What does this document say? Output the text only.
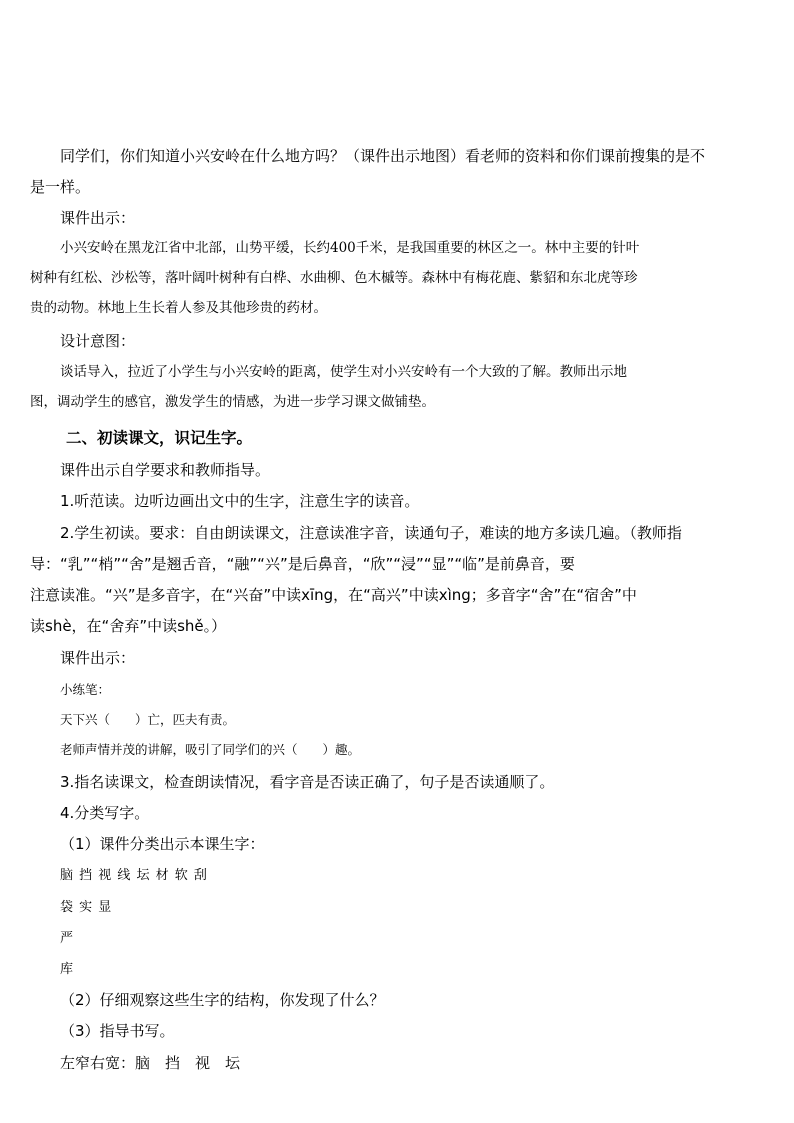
同学们，你们知道小兴安岭在什么地方吗？（课件出示地图）看老师的资料和你们课前搜集的是不
是一样。
课件出示：
小兴安岭在黑龙江省中北部，山势平缓，长约400千米，是我国重要的林区之一。林中主要的针叶
树种有红松、沙松等，落叶阔叶树种有白桦、水曲柳、色木槭等。森林中有梅花鹿、紫貂和东北虎等珍
贵的动物。林地上生长着人参及其他珍贵的药材。
设计意图：
谈话导入，拉近了小学生与小兴安岭的距离，使学生对小兴安岭有一个大致的了解。教师出示地
图，调动学生的感官，激发学生的情感，为进一步学习课文做铺垫。
二、初读课文，识记生字。
课件出示自学要求和教师指导。
1.听范读。边听边画出文中的生字，注意生字的读音。
2.学生初读。要求：自由朗读课文，注意读准字音，读通句子，难读的地方多读几遍。（教师指
导：“乳”“梢”“舍”是翘舌音，“融”“兴”是后鼻音，“欣”“浸”“显”“临”是前鼻音，要
注意读准。“兴”是多音字，在“兴奋”中读xīng，在“高兴”中读xìng；多音字“舍”在“宿舍”中
读shè，在“舍弃”中读shě。）
课件出示：
小练笔：
天下兴（　　）亡，匹夫有责。
老师声情并茂的讲解，吸引了同学们的兴（　　）趣。
3.指名读课文，检查朗读情况，看字音是否读正确了，句子是否读通顺了。
4.分类写字。
（1）课件分类出示本课生字：
脑 挡 视 线 坛 材 软 刮
袋 实 显
严
库
（2）仔细观察这些生字的结构，你发现了什么？
（3）指导书写。
左窄右宽：脑　挡　视　坛
